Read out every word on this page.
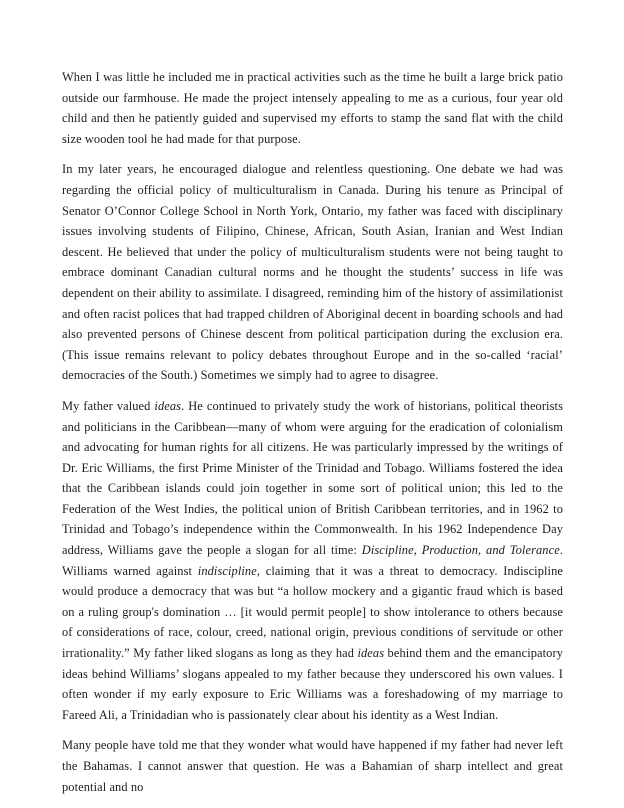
When I was little he included me in practical activities such as the time he built a large brick patio outside our farmhouse. He made the project intensely appealing to me as a curious, four year old child and then he patiently guided and supervised my efforts to stamp the sand flat with the child size wooden tool he had made for that purpose.

In my later years, he encouraged dialogue and relentless questioning. One debate we had was regarding the official policy of multiculturalism in Canada. During his tenure as Principal of Senator O’Connor College School in North York, Ontario, my father was faced with disciplinary issues involving students of Filipino, Chinese, African, South Asian, Iranian and West Indian descent. He believed that under the policy of multiculturalism students were not being taught to embrace dominant Canadian cultural norms and he thought the students’ success in life was dependent on their ability to assimilate. I disagreed, reminding him of the history of assimilationist and often racist polices that had trapped children of Aboriginal decent in boarding schools and had also prevented persons of Chinese descent from political participation during the exclusion era. (This issue remains relevant to policy debates throughout Europe and in the so-called ‘racial’ democracies of the South.) Sometimes we simply had to agree to disagree.

My father valued ideas. He continued to privately study the work of historians, political theorists and politicians in the Caribbean—many of whom were arguing for the eradication of colonialism and advocating for human rights for all citizens. He was particularly impressed by the writings of Dr. Eric Williams, the first Prime Minister of the Trinidad and Tobago. Williams fostered the idea that the Caribbean islands could join together in some sort of political union; this led to the Federation of the West Indies, the political union of British Caribbean territories, and in 1962 to Trinidad and Tobago’s independence within the Commonwealth. In his 1962 Independence Day address, Williams gave the people a slogan for all time: Discipline, Production, and Tolerance. Williams warned against indiscipline, claiming that it was a threat to democracy. Indiscipline would produce a democracy that was but “a hollow mockery and a gigantic fraud which is based on a ruling group's domination … [it would permit people] to show intolerance to others because of considerations of race, colour, creed, national origin, previous conditions of servitude or other irrationality.” My father liked slogans as long as they had ideas behind them and the emancipatory ideas behind Williams’ slogans appealed to my father because they underscored his own values. I often wonder if my early exposure to Eric Williams was a foreshadowing of my marriage to Fareed Ali, a Trinidadian who is passionately clear about his identity as a West Indian.

Many people have told me that they wonder what would have happened if my father had never left the Bahamas. I cannot answer that question. He was a Bahamian of sharp intellect and great potential and no
